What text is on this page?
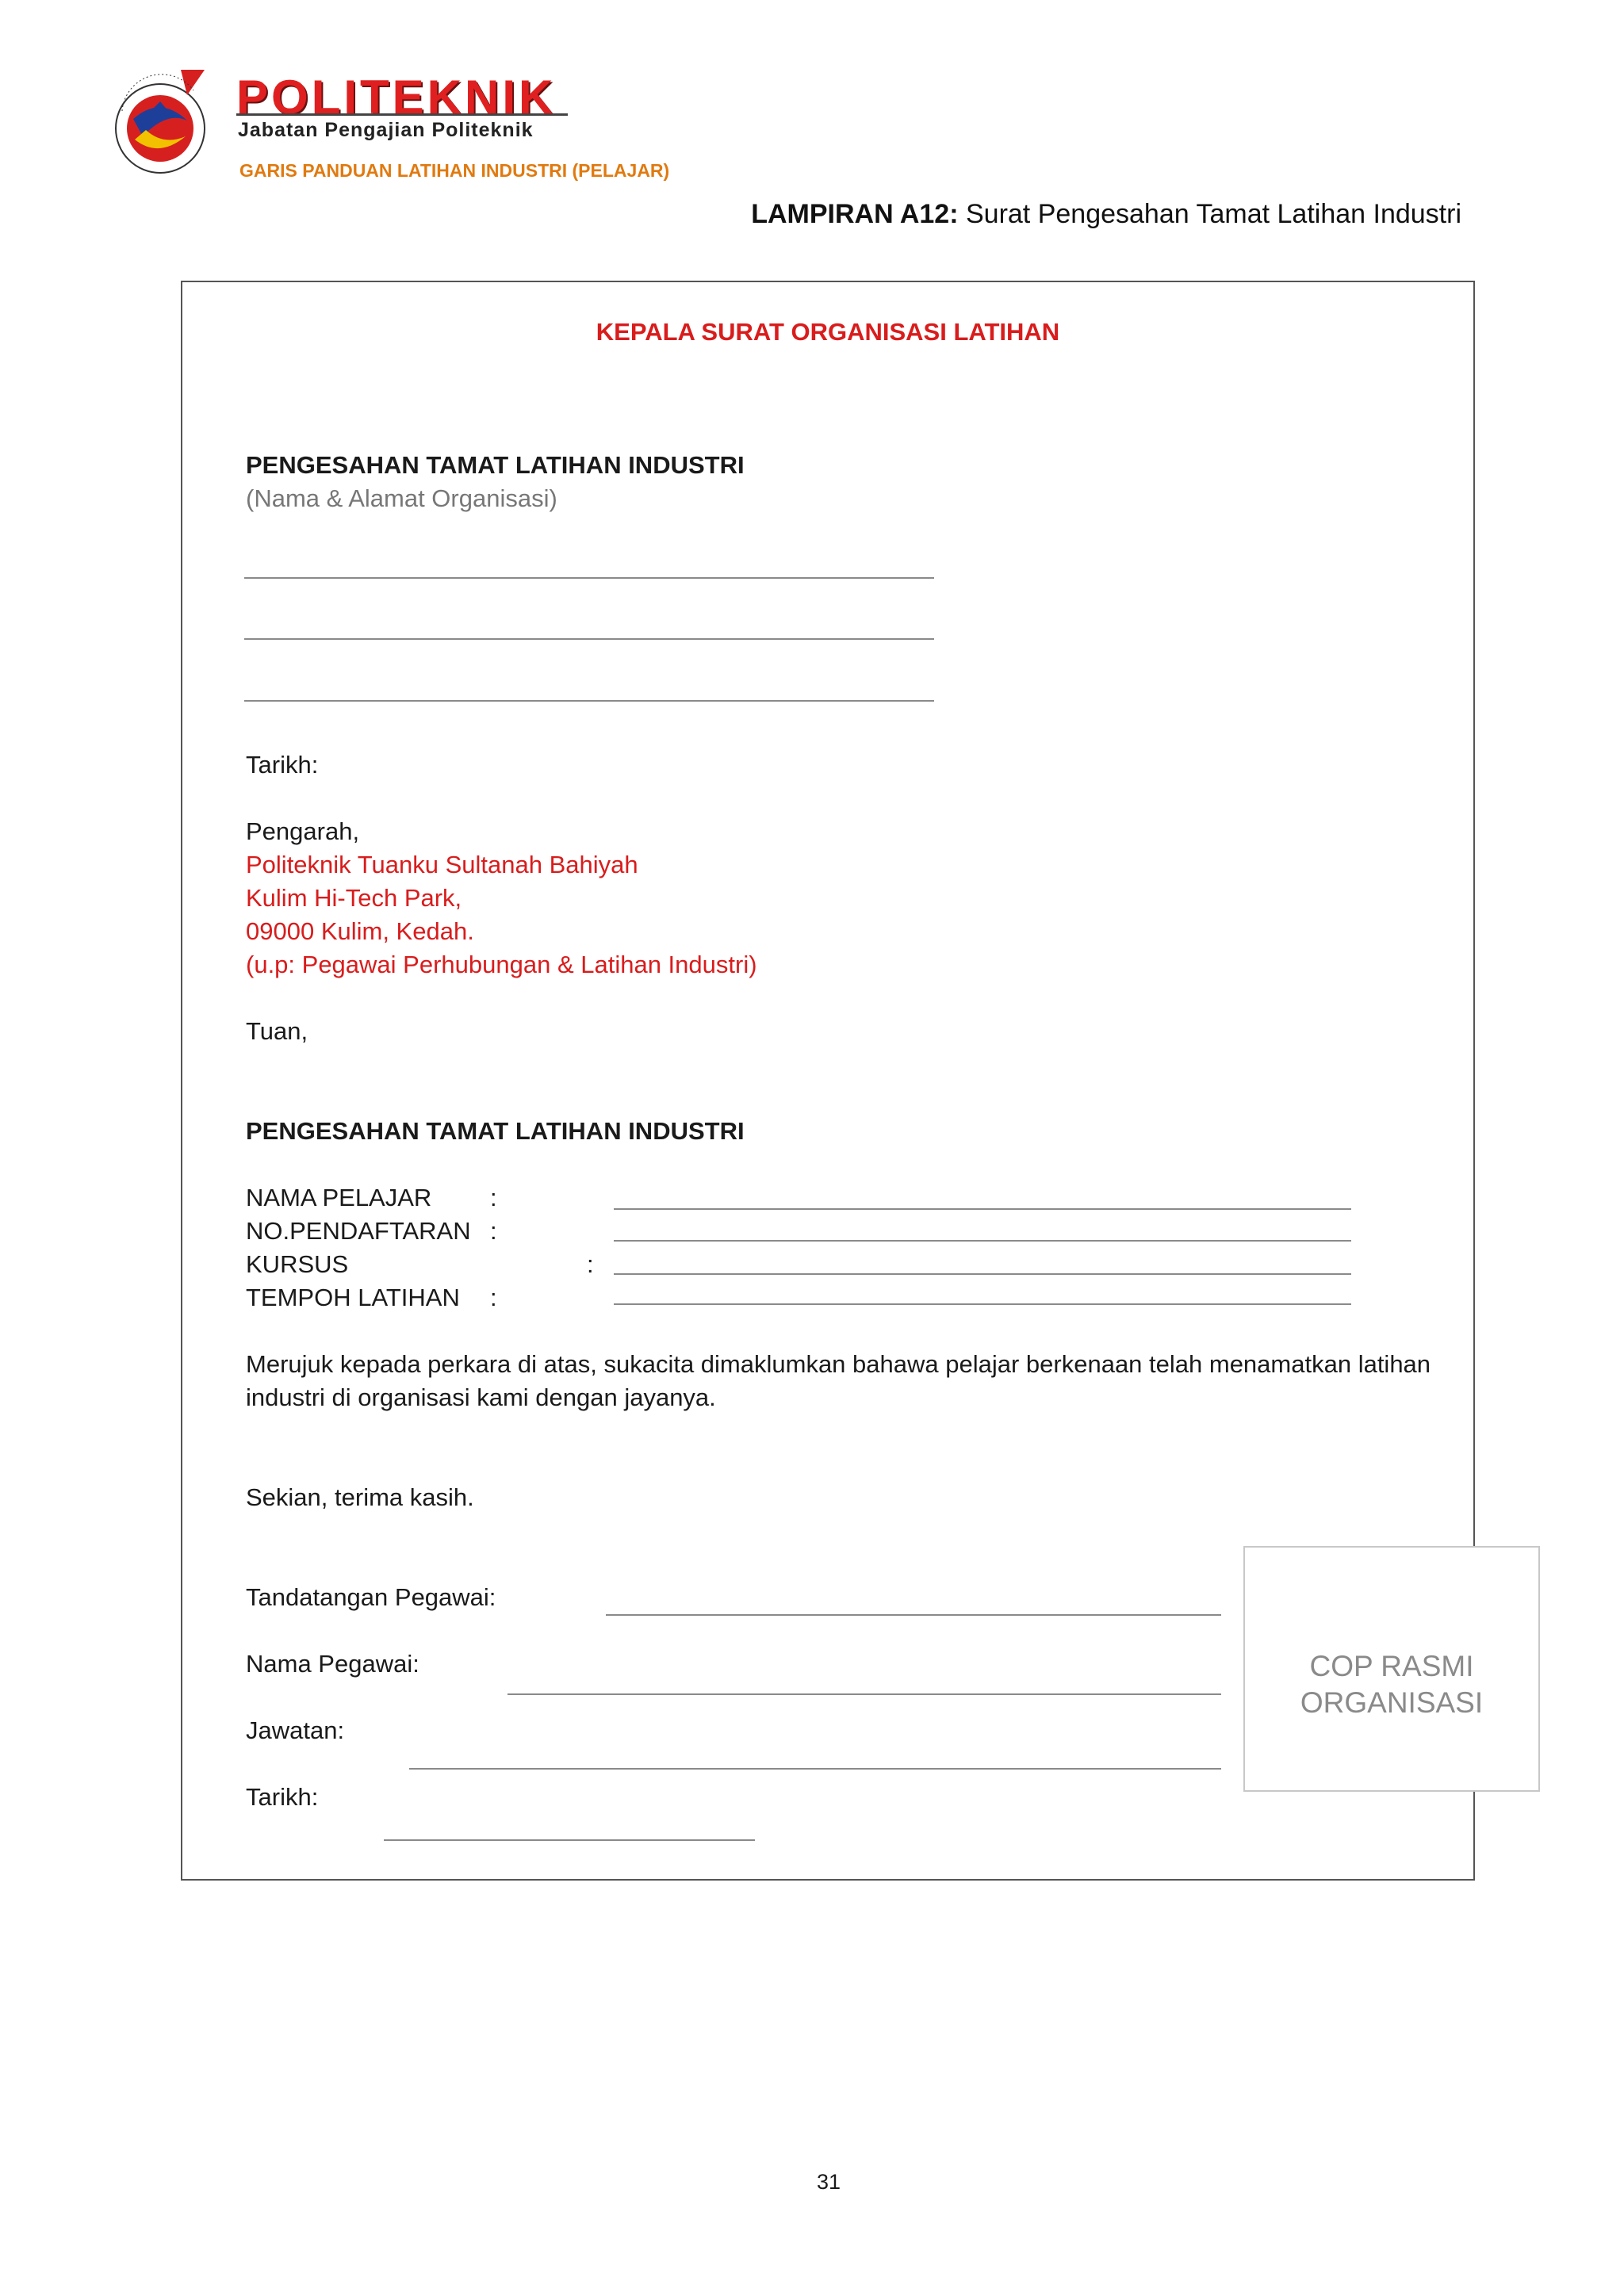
POLITEKNIK
Jabatan Pengajian Politeknik
GARIS PANDUAN LATIHAN INDUSTRI (PELAJAR)
LAMPIRAN A12: Surat Pengesahan Tamat Latihan Industri
KEPALA SURAT ORGANISASI LATIHAN
PENGESAHAN TAMAT LATIHAN INDUSTRI
(Nama & Alamat Organisasi)
Tarikh:
Pengarah,
Politeknik Tuanku Sultanah Bahiyah
Kulim Hi-Tech Park,
09000 Kulim, Kedah.
(u.p: Pegawai Perhubungan & Latihan Industri)
Tuan,
PENGESAHAN TAMAT LATIHAN INDUSTRI
NAMA PELAJAR :
NO.PENDAFTARAN :
KURSUS	:
TEMPOH LATIHAN :
Merujuk kepada perkara di atas, sukacita dimaklumkan bahawa pelajar berkenaan telah menamatkan latihan
industri di organisasi kami dengan jayanya.
Sekian, terima kasih.
Tandatangan Pegawai:
Nama Pegawai:
Jawatan:
Tarikh:
COP RASMI
ORGANISASI
31
